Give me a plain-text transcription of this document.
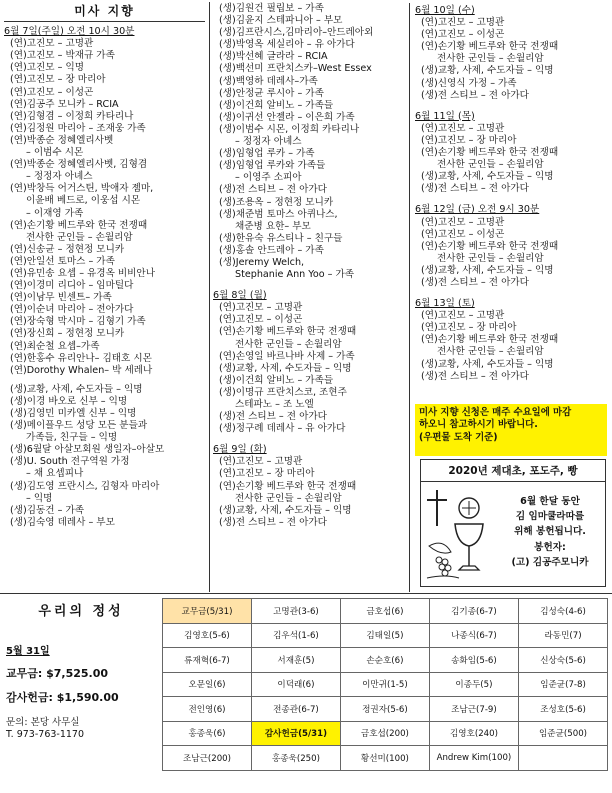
미사 지향
6월 7일(주일) 오전 10시 30분
(연)고진모 – 고명관
(연)고진모 – 박재규 가족
(연)고진모 – 익명
(연)고진모 – 장 마리아
(연)고진모 – 이성곤
(연)김공주 모니카 – RCIA
(연)김형겸 – 이정희 카타리나
(연)김정원 마리아 – 조재웅 가족
(연)박종순 정혜엘리사벳
– 이범수 시몬
(연)박종순 정혜엘리사벳, 김형겸
– 정정자 아녜스
(연)박창득 어거스틴, 박애자 젬마,
이윤배 베드로, 이웅섭 시몬
– 이재영 가족
(연)손기황 베드루와 한국 전쟁때
전사한 군인들 – 손월리암
(연)신송균 – 정현정 모니카
(연)안일선 토마스 – 가족
(연)유민송 요셉 – 유경옥 비비안나
(연)이경미 리디아 – 임마틸다
(연)이남무 빈센트– 가족
(연)이순녀 마리아 – 전아가다
(연)장숙형 막시마 – 김형기 가족
(연)장신희 – 정현정 모니카
(연)최순철 요셉–가족
(연)한홍수 유리안나– 김태호 시몬
(연)Dorothy Whalen– 박 세레나
(생)교황, 사제, 수도자들 – 익명
(생)이경 바오로 신부 – 익명
(생)김영민 미카엘 신부 – 익명
(생)메이플우드 성당 모든 분들과
가족들, 친구들 – 익명
(생)6월달 아살모회원 생일자–아살모
(생)U. South 전구역원 가정
– 채 요셉피나
(생)김도영 프란시스, 김형자 마리아
– 익명
(생)김동건 – 가족
(생)김숙영 데레사 – 부모
(생)김원건 필립보 – 가족
(생)김윤지 스테파니아 – 부모
(생)김프란시스,김마리아–안드레아외
(생)박영옥 세실리아 – 유 아가다
(생)박선혜 글라라 – RCIA
(생)백선미 프란치스카–West Essex
(생)백영하 데레사–가족
(생)안정균 루시아 – 가족
(생)이건희 알비노 – 가족들
(생)이귀선 안젤라 – 이은희 가족
(생)이범수 시몬, 이정희 카타리나
– 정정자 아녜스
(생)임형업 루카 – 가족
(생)임형업 루카와 가족들
– 이영주 소피아
(생)전 스티브 – 전 아가다
(생)조용옥 – 정현정 모니카
(생)채준범 토마스 아퀴나스,
채준병 요한– 부모
(생)한유숙 유스티나 – 친구들
(생)홍솔 안드레아 – 가족
(생)Jeremy Welch,
Stephanie Ann Yoo – 가족
6월 8일 (월)
(연)고진모 – 고명관
(연)고진모 – 이성곤
(연)손기황 베드루와 한국 전쟁때
전사한 군인들 – 손월리암
(연)손영일 바르나바 사제 – 가족
(생)교황, 사제, 수도자들 – 익명
(생)이건희 알비노 – 가족들
(생)이명규 프란치스코, 조현주
스테파노 – 조 노엘
(생)전 스티브 – 전 아가다
(생)정구례 데레사 – 유 아가다
6월 9일 (화)
(연)고진모 – 고명관
(연)고진모 – 장 마리아
(연)손기황 베드루와 한국 전쟁때
전사한 군인들 – 손월리암
(생)교황, 사제, 수도자들 – 익명
(생)전 스티브 – 전 아가다
6월 10일 (수)
(연)고진모 – 고명관
(연)고진모 – 이성곤
(연)손기황 베드루와 한국 전쟁때
전사한 군인들 – 손월리암
(생)교황, 사제, 수도자들 – 익명
(생)신영식 가정 – 가족
(생)전 스티브 – 전 아가다
6월 11일 (목)
(연)고진모 – 고명관
(연)고진모 – 장 마리아
(연)손기황 베드루와 한국 전쟁때
전사한 군인들 – 손월리암
(생)교황, 사제, 수도자들 – 익명
(생)전 스티브 – 전 아가다
6월 12일 (금) 오전 9시 30분
(연)고진모 – 고명관
(연)고진모 – 이성곤
(연)손기황 베드루와 한국 전쟁때
전사한 군인들 – 손월리암
(생)교황, 사제, 수도자들 – 익명
(생)전 스티브 – 전 아가다
6월 13일 (토)
(연)고진모 – 고명관
(연)고진모 – 장 마리아
(연)손기황 베드루와 한국 전쟁때
전사한 군인들 – 손월리암
(생)교황, 사제, 수도자들 – 익명
(생)전 스티브 – 전 아가다
미사 지향 신청은 매주 수요일에 마감
하오니 참고하시기 바랍니다.
(우편물 도착 기준)
2020년 제대초, 포도주, 빵
6월 한달 동안
김 임마쿨라따를
위해 봉헌됩니다.
봉헌자:
(고) 김공주모니카
우리의 정성
5월 31일
교무금: $7,525.00
감사헌금: $1,590.00
문의: 본당 사무실
T. 973-763-1170
교무금(5/31)	고명관(3-6)	금호섭(6)	김기종(6-7)	김성숙(4-6)
김영호(5-6)	김우석(1-6)	김태일(5)	나종식(6-7)	라동민(7)
류재혁(6-7)	서재훈(5)	손순호(6)	송화임(5-6)	신상숙(5-6)
오문일(6)	이덕래(6)	이만귀(1-5)	이종두(5)	임준균(7-8)
전인영(6)	전종관(6-7)	정권자(5-6)	조남근(7-9)	조성호(5-6)
홍종욱(6)	감사헌금(5/31)	금호섭(200)	김영호(240)	임준균(500)
조남근(200)	홍종욱(250)	황선미(100)	Andrew Kim(100)	
